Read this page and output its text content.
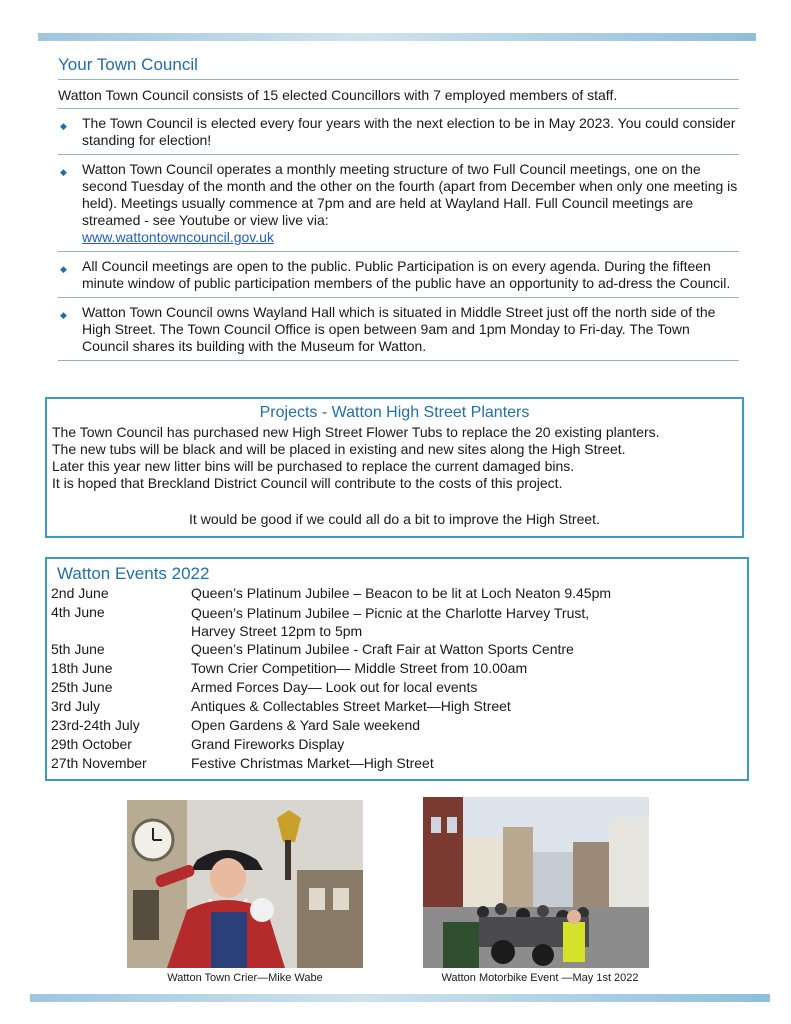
Your Town Council
Watton Town Council consists of 15 elected Councillors with 7 employed members of staff.
◆ The Town Council is elected every four years with the next election to be in May 2023. You could consider standing for election!
◆ Watton Town Council operates a monthly meeting structure of two Full Council meetings, one on the second Tuesday of the month and the other on the fourth (apart from December when only one meeting is held). Meetings usually commence at 7pm and are held at Wayland Hall. Full Council meetings are streamed - see Youtube or view live via:
www.wattontowncouncil.gov.uk
◆ All Council meetings are open to the public. Public Participation is on every agenda. During the fifteen minute window of public participation members of the public have an opportunity to ad-dress the Council.
◆ Watton Town Council owns Wayland Hall which is situated in Middle Street just off the north side of the High Street. The Town Council Office is open between 9am and 1pm Monday to Fri-day. The Town Council shares its building with the Museum for Watton.
Projects - Watton High Street Planters
The Town Council has purchased new High Street Flower Tubs to replace the 20 existing planters.
The new tubs will be black and will be placed in existing and new sites along the High Street.
Later this year new litter bins will be purchased to replace the current damaged bins.
It is hoped that Breckland District Council will contribute to the costs of this project.
It would be good if we could all do a bit to improve the High Street.
Watton Events 2022
2nd June	Queen’s Platinum Jubilee – Beacon to be lit at Loch Neaton 9.45pm
4th June	Queen’s Platinum Jubilee – Picnic at the Charlotte Harvey Trust,
Harvey Street 12pm to 5pm
5th June	Queen’s Platinum Jubilee - Craft Fair at Watton Sports Centre
18th June	Town Crier Competition— Middle Street from 10.00am
25th June	Armed Forces Day— Look out for local events
3rd July	Antiques & Collectables Street Market—High Street
23rd-24th July	Open Gardens & Yard Sale weekend
29th October	Grand Fireworks Display
27th November	Festive Christmas Market—High Street
Watton Town Crier—Mike Wabe	Watton Motorbike Event —May 1st 2022
